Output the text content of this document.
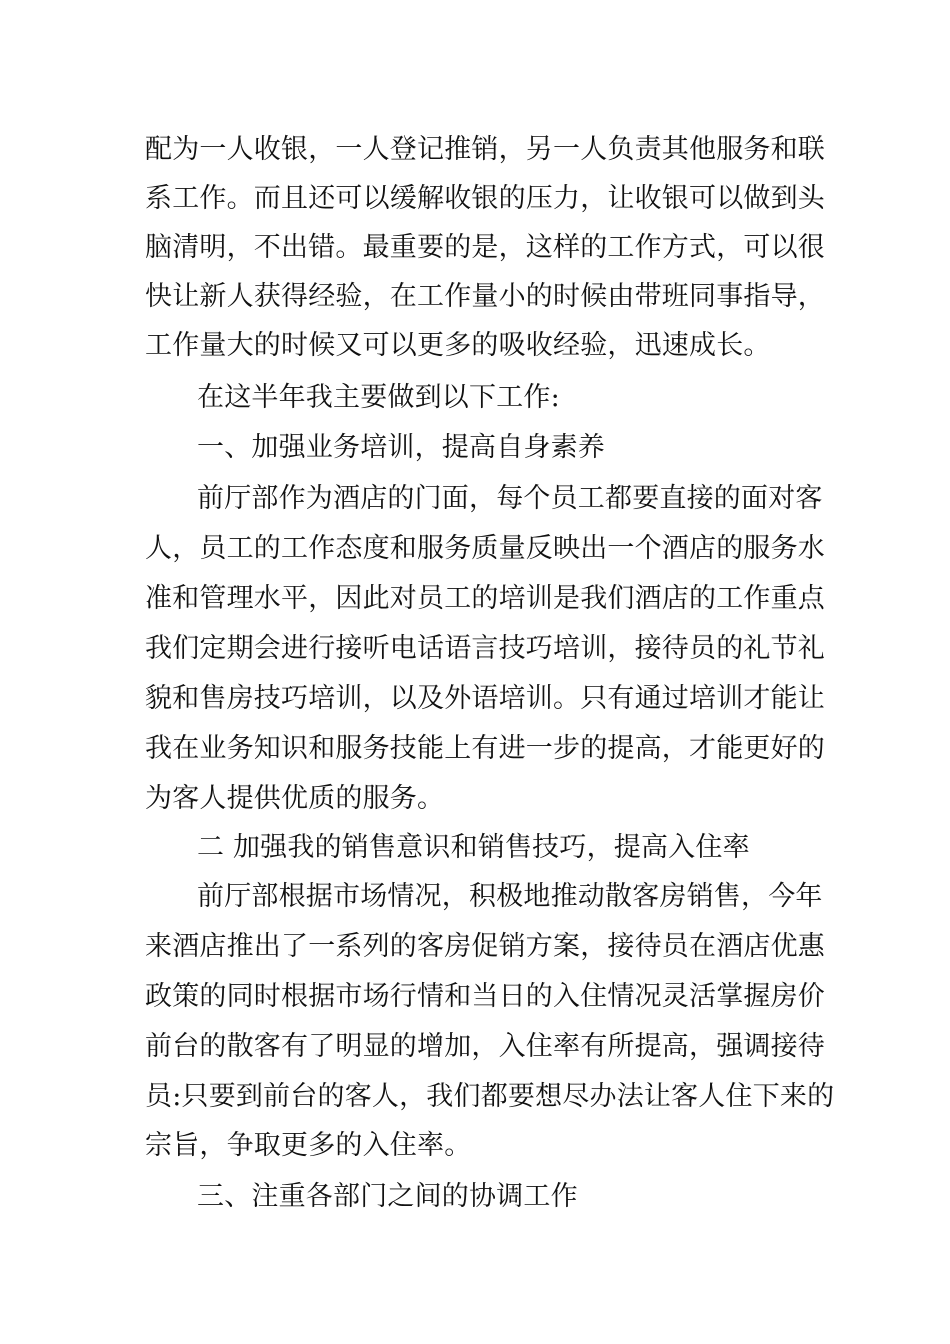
配为一人收银，一人登记推销，另一人负责其他服务和联
系工作。而且还可以缓解收银的压力，让收银可以做到头
脑清明，不出错。最重要的是，这样的工作方式，可以很
快让新人获得经验，在工作量小的时候由带班同事指导，
工作量大的时候又可以更多的吸收经验，迅速成长。
在这半年我主要做到以下工作:
一、加强业务培训，提高自身素养
前厅部作为酒店的门面，每个员工都要直接的面对客
人，员工的工作态度和服务质量反映出一个酒店的服务水
准和管理水平，因此对员工的培训是我们酒店的工作重点
我们定期会进行接听电话语言技巧培训，接待员的礼节礼
貌和售房技巧培训，以及外语培训。只有通过培训才能让
我在业务知识和服务技能上有进一步的提高，才能更好的
为客人提供优质的服务。
二 加强我的销售意识和销售技巧，提高入住率
前厅部根据市场情况，积极地推动散客房销售，今年
来酒店推出了一系列的客房促销方案，接待员在酒店优惠
政策的同时根据市场行情和当日的入住情况灵活掌握房价
前台的散客有了明显的增加，入住率有所提高，强调接待
员:只要到前台的客人，我们都要想尽办法让客人住下来的
宗旨，争取更多的入住率。
三、注重各部门之间的协调工作
